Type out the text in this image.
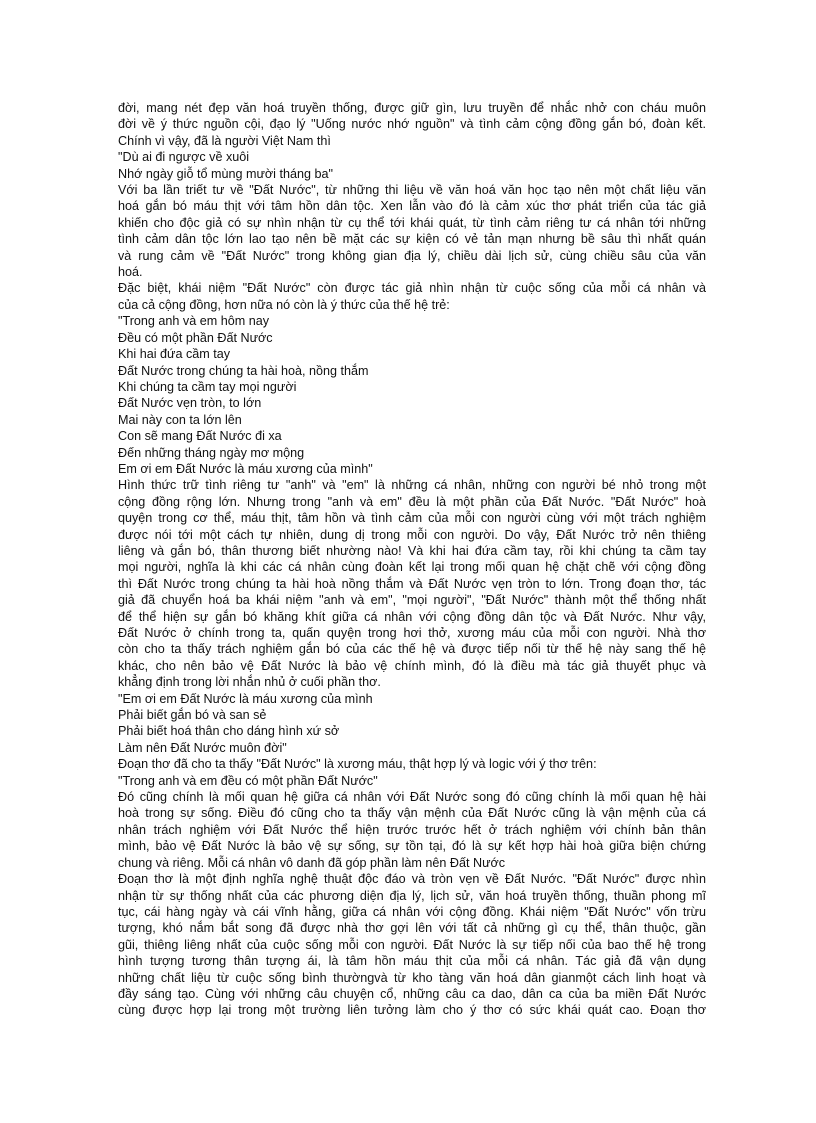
đời, mang nét đẹp văn hoá truyền thống, được giữ gìn, lưu truyền để nhắc nhở con cháu muôn
đời về ý thức nguồn cội, đạo lý "Uống nước nhớ nguồn" và tình cảm cộng đồng gắn bó, đoàn kết.
Chính vì vậy, đã là người Việt Nam thì
"Dù ai đi ngược về xuôi
Nhớ ngày giỗ tổ mùng mười tháng ba"
Với ba lần triết tư về "Đất Nước", từ những thi liệu về văn hoá văn học tạo nên một chất liệu văn
hoá gắn bó máu thịt với tâm hồn dân tộc. Xen lẫn vào đó là cảm xúc thơ phát triển của tác giả
khiến cho độc giả có sự nhìn nhận từ cụ thể tới khái quát, từ tình cảm riêng tư cá nhân tới những
tình cảm dân tộc lớn lao tạo nên bề mặt các sự kiện có vẻ tản mạn nhưng bề sâu thì nhất quán
và rung cảm về "Đất Nước" trong không gian địa lý, chiều dài lịch sử, cùng chiều sâu của văn
hoá.
Đặc biệt, khái niệm "Đất Nước" còn được tác giả nhìn nhận từ cuộc sống của mỗi cá nhân và
của cả cộng đồng, hơn nữa nó còn là ý thức của thế hệ trẻ:
"Trong anh và em hôm nay
Đều có một phần Đất Nước
Khi hai đứa cầm tay
Đất Nước trong chúng ta hài hoà, nồng thắm
Khi chúng ta cầm tay mọi người
Đất Nước vẹn tròn, to lớn
Mai này con ta lớn lên
Con sẽ mang Đất Nước đi xa
Đến những tháng ngày mơ mộng
Em ơi em Đất Nước là máu xương của mình"
Hình thức trữ tình riêng tư "anh" và "em" là những cá nhân, những con người bé nhỏ trong một
cộng đồng rộng lớn. Nhưng trong "anh và em" đều là một phần của Đất Nước. "Đất Nước" hoà
quyện trong cơ thể, máu thịt, tâm hồn và tình cảm của mỗi con người cùng với một trách nghiệm
được nói tới một cách tự nhiên, dung dị trong mỗi con người. Do vậy, Đất Nước trở nên thiêng
liêng và gắn bó, thân thương biết nhường nào! Và khi hai đứa cầm tay, rồi khi chúng ta cầm tay
mọi người, nghĩa là khi các cá nhân cùng đoàn kết lại trong mối quan hệ chặt chẽ với cộng đồng
thì Đất Nước trong chúng ta hài hoà nồng thắm và Đất Nước vẹn tròn to lớn. Trong đoạn thơ, tác
giả đã chuyển hoá ba khái niệm "anh và em", "mọi người", "Đất Nước" thành một thể thống nhất
để thể hiện sự gắn bó khăng khít giữa cá nhân với cộng đồng dân tộc và Đất Nước. Như vậy,
Đất Nước ở chính trong ta, quấn quyện trong hơi thở, xương máu của mỗi con người. Nhà thơ
còn cho ta thấy trách nghiệm gắn bó của các thế hệ và được tiếp nối từ thế hệ này sang thế hệ
khác, cho nên bảo vệ Đất Nước là bảo vệ chính mình, đó là điều mà tác giả thuyết phục và
khẳng định trong lời nhắn nhủ ở cuối phần thơ.
"Em ơi em Đất Nước là máu xương của mình
Phải biết gắn bó và san sẻ
Phải biết hoá thân cho dáng hình xứ sở
Làm nên Đất Nước muôn đời"
Đoạn thơ đã cho ta thấy "Đất Nước" là xương máu, thật hợp lý và logic với ý thơ trên:
"Trong anh và em đều có một phần Đất Nước"
Đó cũng chính là mối quan hệ giữa cá nhân với Đất Nước song đó cũng chính là mối quan hệ hài
hoà trong sự sống. Điều đó cũng cho ta thấy vận mệnh của Đất Nước cũng là vận mệnh của cá
nhân trách nghiệm với Đất Nước thể hiện trước trước hết ở trách nghiệm với chính bản thân
mình, bảo vệ Đất Nước là bảo vệ sự sống, sự tồn tại, đó là sự kết hợp hài hoà giữa biện chứng
chung và riêng. Mỗi cá nhân vô danh đã góp phần làm nên Đất Nước
Đoạn thơ là một định nghĩa nghệ thuật độc đáo và tròn vẹn về Đất Nước. "Đất Nước" được nhìn
nhận từ sự thống nhất của các phương diện địa lý, lịch sử, văn hoá truyền thống, thuần phong mĩ
tục, cái hàng ngày và cái vĩnh hằng, giữa cá nhân với cộng đồng. Khái niệm "Đất Nước" vốn trừu
tượng, khó nắm bắt song đã được nhà thơ gợi lên với tất cả những gì cụ thể, thân thuộc, gần
gũi, thiêng liêng nhất của cuộc sống mỗi con người. Đất Nước là sự tiếp nối của bao thế hệ trong
hình tượng tương thân tượng ái, là tâm hồn máu thịt của mỗi cá nhân. Tác giả đã vận dụng
những chất liệu từ cuộc sống bình thườngvà từ kho tàng văn hoá dân gianmột cách linh hoạt và
đầy sáng tạo. Cùng với những câu chuyện cổ, những câu ca dao, dân ca của ba miền Đất Nước
cùng được hợp lại trong một trường liên tưởng làm cho ý thơ có sức khái quát cao. Đoạn thơ
